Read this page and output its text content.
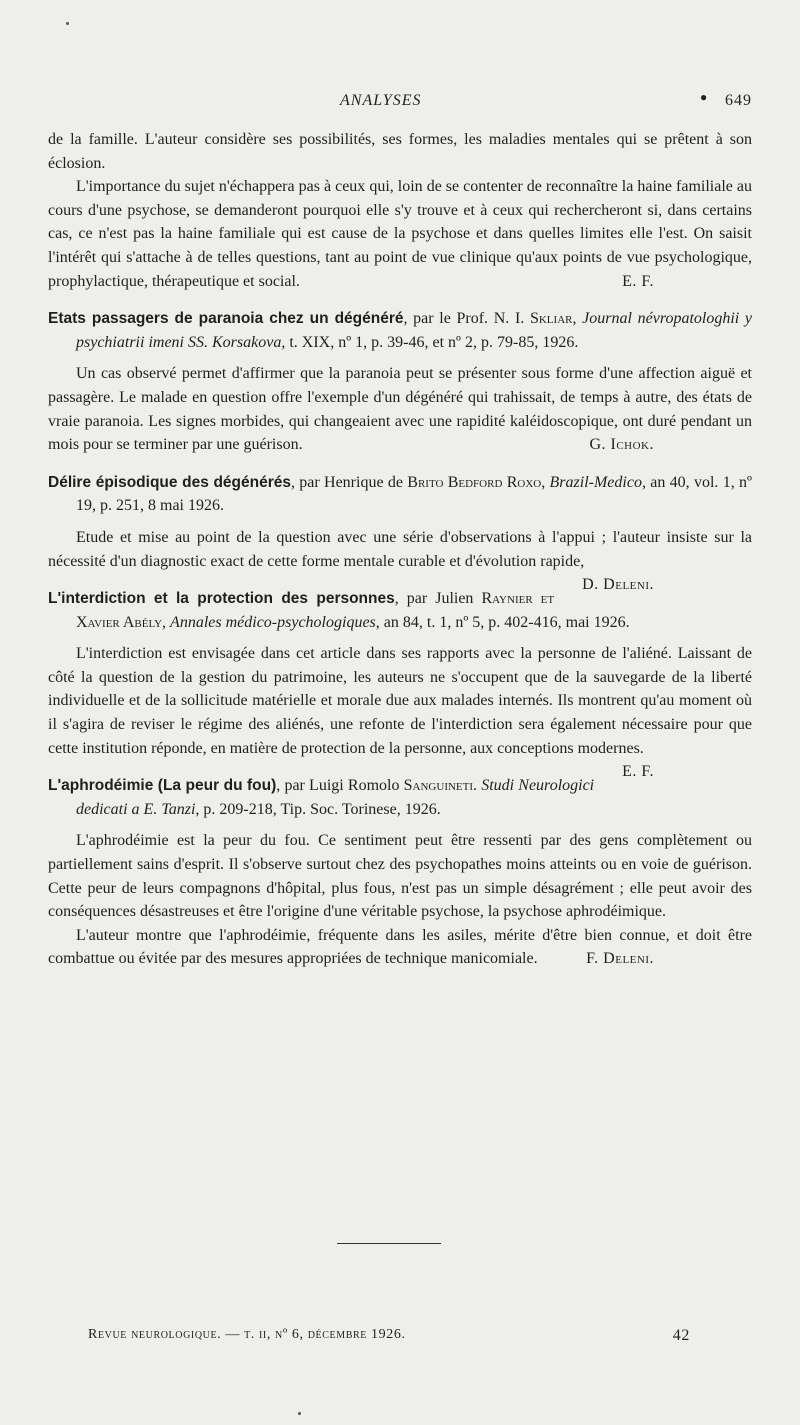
ANALYSES	● 649

de la famille. L'auteur considère ses possibilités, ses formes, les maladies mentales qui se prêtent à son éclosion.

L'importance du sujet n'échappera pas à ceux qui, loin de se contenter de reconnaître la haine familiale au cours d'une psychose, se demanderont pourquoi elle s'y trouve et à ceux qui rechercheront si, dans certains cas, ce n'est pas la haine familiale qui est cause de la psychose et dans quelles limites elle l'est. On saisit l'intérêt qui s'attache à de telles questions, tant au point de vue clinique qu'aux points de vue psychologique, prophylactique, thérapeutique et social.	E. F.

Etats passagers de paranoia chez un dégénéré, par le Prof. N. I. Skliar, Journal névropatologhii y psychiatrii imeni SS. Korsakova, t. XIX, nº 1, p. 39-46, et nº 2, p. 79-85, 1926.

Un cas observé permet d'affirmer que la paranoia peut se présenter sous forme d'une affection aiguë et passagère. Le malade en question offre l'exemple d'un dégénéré qui trahissait, de temps à autre, des états de vraie paranoia. Les signes morbides, qui changeaient avec une rapidité kaléidoscopique, ont duré pendant un mois pour se terminer par une guérison.	G. Ichok.

Délire épisodique des dégénérés, par Henrique de Brito Bedford Roxo, Brazil-Medico, an 40, vol. 1, nº 19, p. 251, 8 mai 1926.

Etude et mise au point de la question avec une série d'observations à l'appui ; l'auteur insiste sur la nécessité d'un diagnostic exact de cette forme mentale curable et d'évolution rapide,
D. Deleni.

L'interdiction et la protection des personnes, par Julien Raynier et Xavier Abély, Annales médico-psychologiques, an 84, t. 1, nº 5, p. 402-416, mai 1926.

L'interdiction est envisagée dans cet article dans ses rapports avec la personne de l'aliéné. Laissant de côté la question de la gestion du patrimoine, les auteurs ne s'occupent que de la sauvegarde de la liberté individuelle et de la sollicitude matérielle et morale due aux malades internés. Ils montrent qu'au moment où il s'agira de reviser le régime des aliénés, une refonte de l'interdiction sera également nécessaire pour que cette institution réponde, en matière de protection de la personne, aux conceptions modernes.
E. F.

L'aphrodéimie (La peur du fou), par Luigi Romolo Sanguineti. Studi Neurologici dedicati a E. Tanzi, p. 209-218, Tip. Soc. Torinese, 1926.

L'aphrodéimie est la peur du fou. Ce sentiment peut être ressenti par des gens complètement ou partiellement sains d'esprit. Il s'observe surtout chez des psychopathes moins atteints ou en voie de guérison. Cette peur de leurs compagnons d'hôpital, plus fous, n'est pas un simple désagrément ; elle peut avoir des conséquences désastreuses et être l'origine d'une véritable psychose, la psychose aphrodéimique.

L'auteur montre que l'aphrodéimie, fréquente dans les asiles, mérite d'être bien connue, et doit être combattue ou évitée par des mesures appropriées de technique manicomiale.	F. Deleni.

Revue neurologique. — t. ii, nº 6, décembre 1926.	42
